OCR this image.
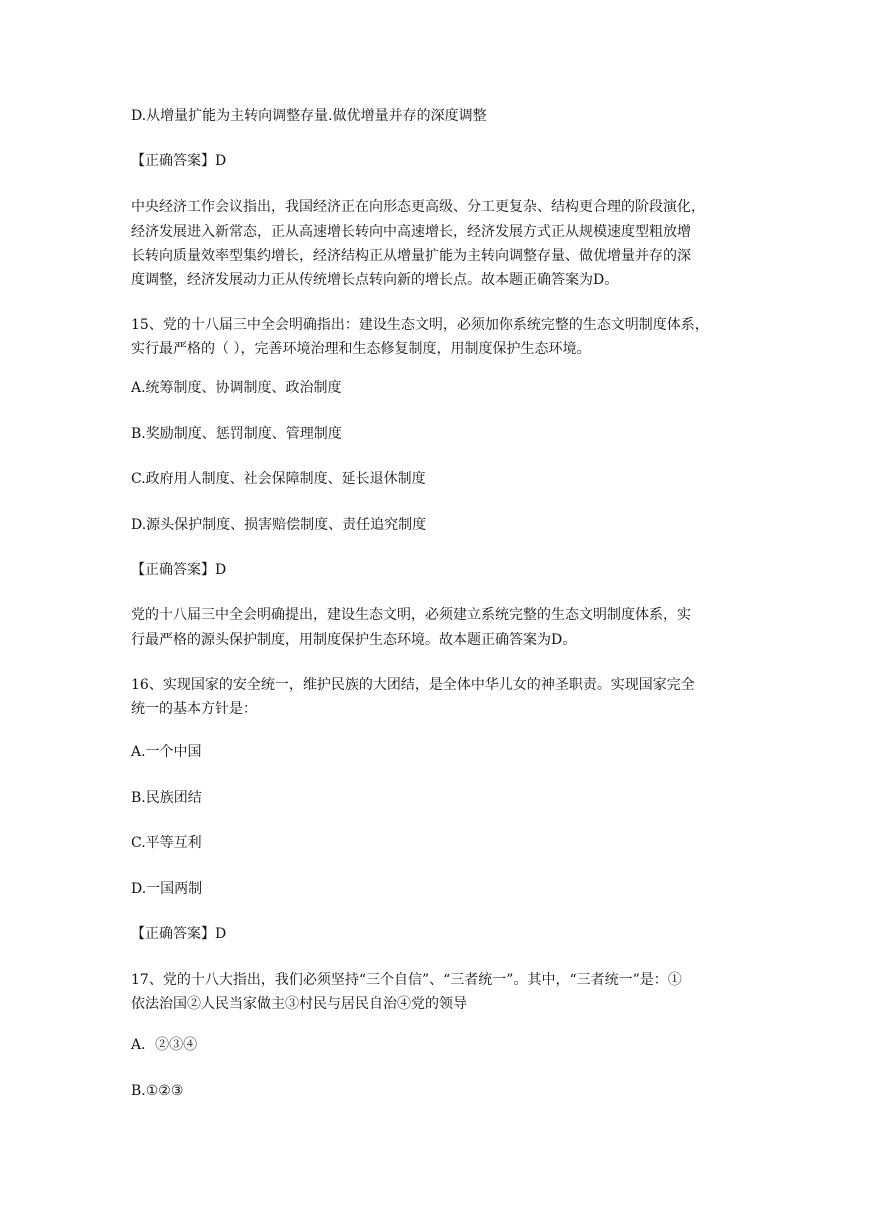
D.从增量扩能为主转向调整存量.做优增量并存的深度调整
【正确答案】D
中央经济工作会议指出，我国经济正在向形态更高级、分工更复杂、结构更合理的阶段演化，
经济发展进入新常态，正从高速增长转向中高速增长，经济发展方式正从规模速度型粗放增
长转向质量效率型集约增长，经济结构正从增量扩能为主转向调整存量、做优增量并存的深
度调整，经济发展动力正从传统增长点转向新的增长点。故本题正确答案为D。
15、党的十八届三中全会明确指出：建设生态文明，必须加你系统完整的生态文明制度体系，
实行最严格的（ ），完善环境治理和生态修复制度，用制度保护生态环境。
A.统筹制度、协调制度、政治制度
B.奖励制度、惩罚制度、管理制度
C.政府用人制度、社会保障制度、延长退休制度
D.源头保护制度、损害赔偿制度、责任追究制度
【正确答案】D
党的十八届三中全会明确提出，建设生态文明，必须建立系统完整的生态文明制度体系，实
行最严格的源头保护制度，用制度保护生态环境。故本题正确答案为D。
16、实现国家的安全统一，维护民族的大团结，是全体中华儿女的神圣职责。实现国家完全
统一的基本方针是：
A.一个中国
B.民族团结
C.平等互利
D.一国两制
【正确答案】D
17、党的十八大指出，我们必须坚持“三个自信”、“三者统一”。其中，“三者统一”是：①
依法治国②人民当家做主③村民与居民自治④党的领导
A．②③④
B.①②③
